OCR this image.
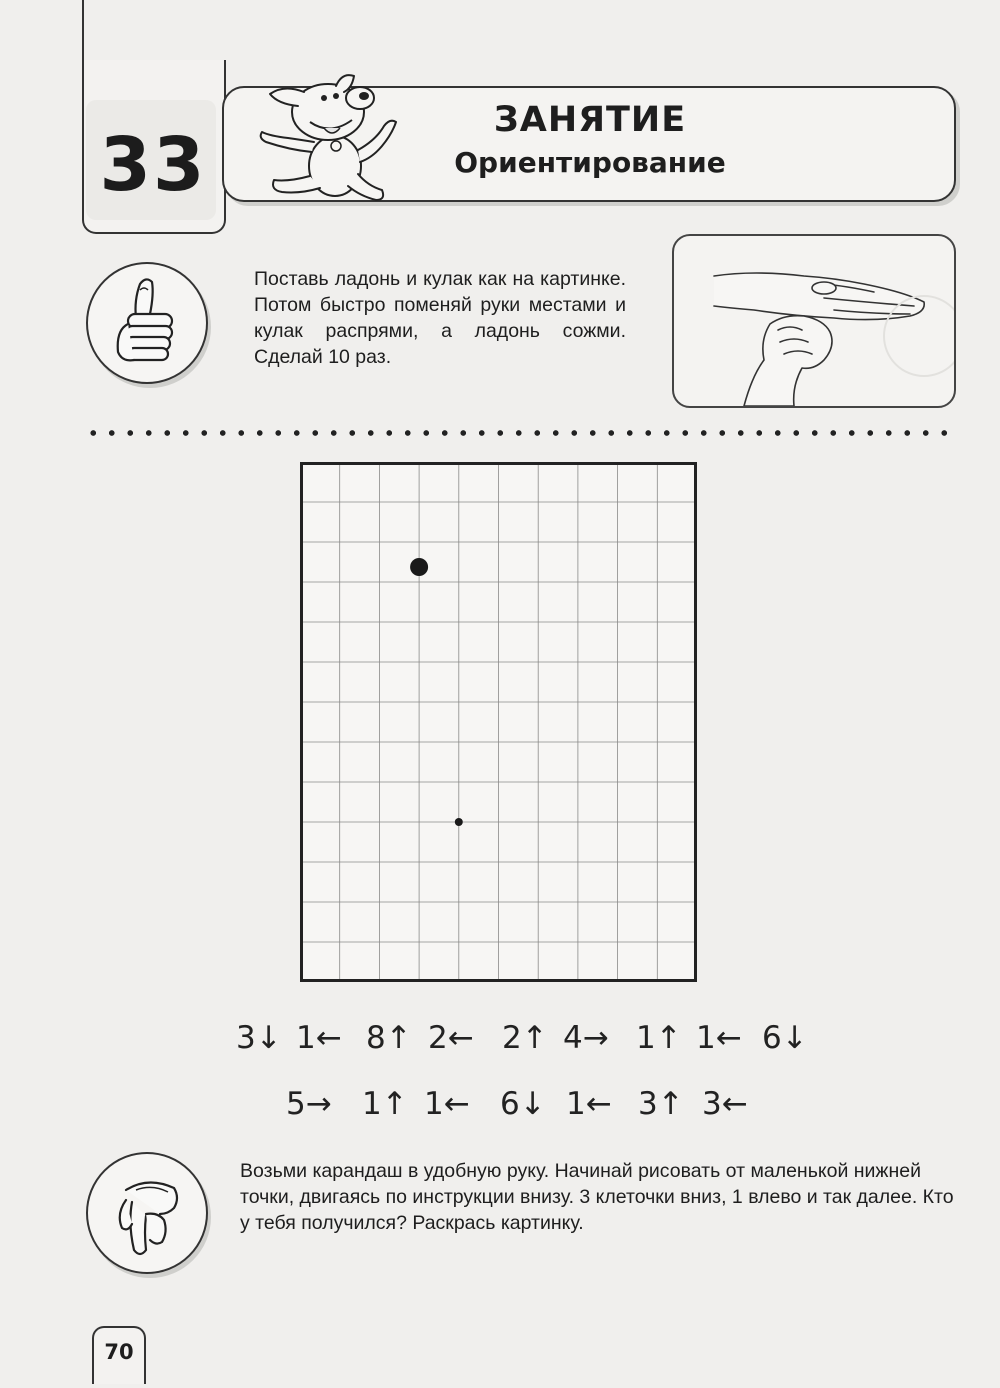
33
ЗАНЯТИЕ
Ориентирование
Поставь ладонь и кулак как на картинке. Потом быстро поменяй руки местами и кулак распрями, а ладонь сожми. Сделай 10 раз.
3↓ 1← 8↑ 2← 2↑ 4→ 1↑ 1← 6↓
5→ 1↑ 1← 6↓ 1← 3↑ 3←
Возьми карандаш в удобную руку. Начинай рисовать от маленькой нижней точки, двигаясь по инструкции внизу. 3 клеточки вниз, 1 влево и так далее. Кто у тебя получился? Раскрась картинку.
70
